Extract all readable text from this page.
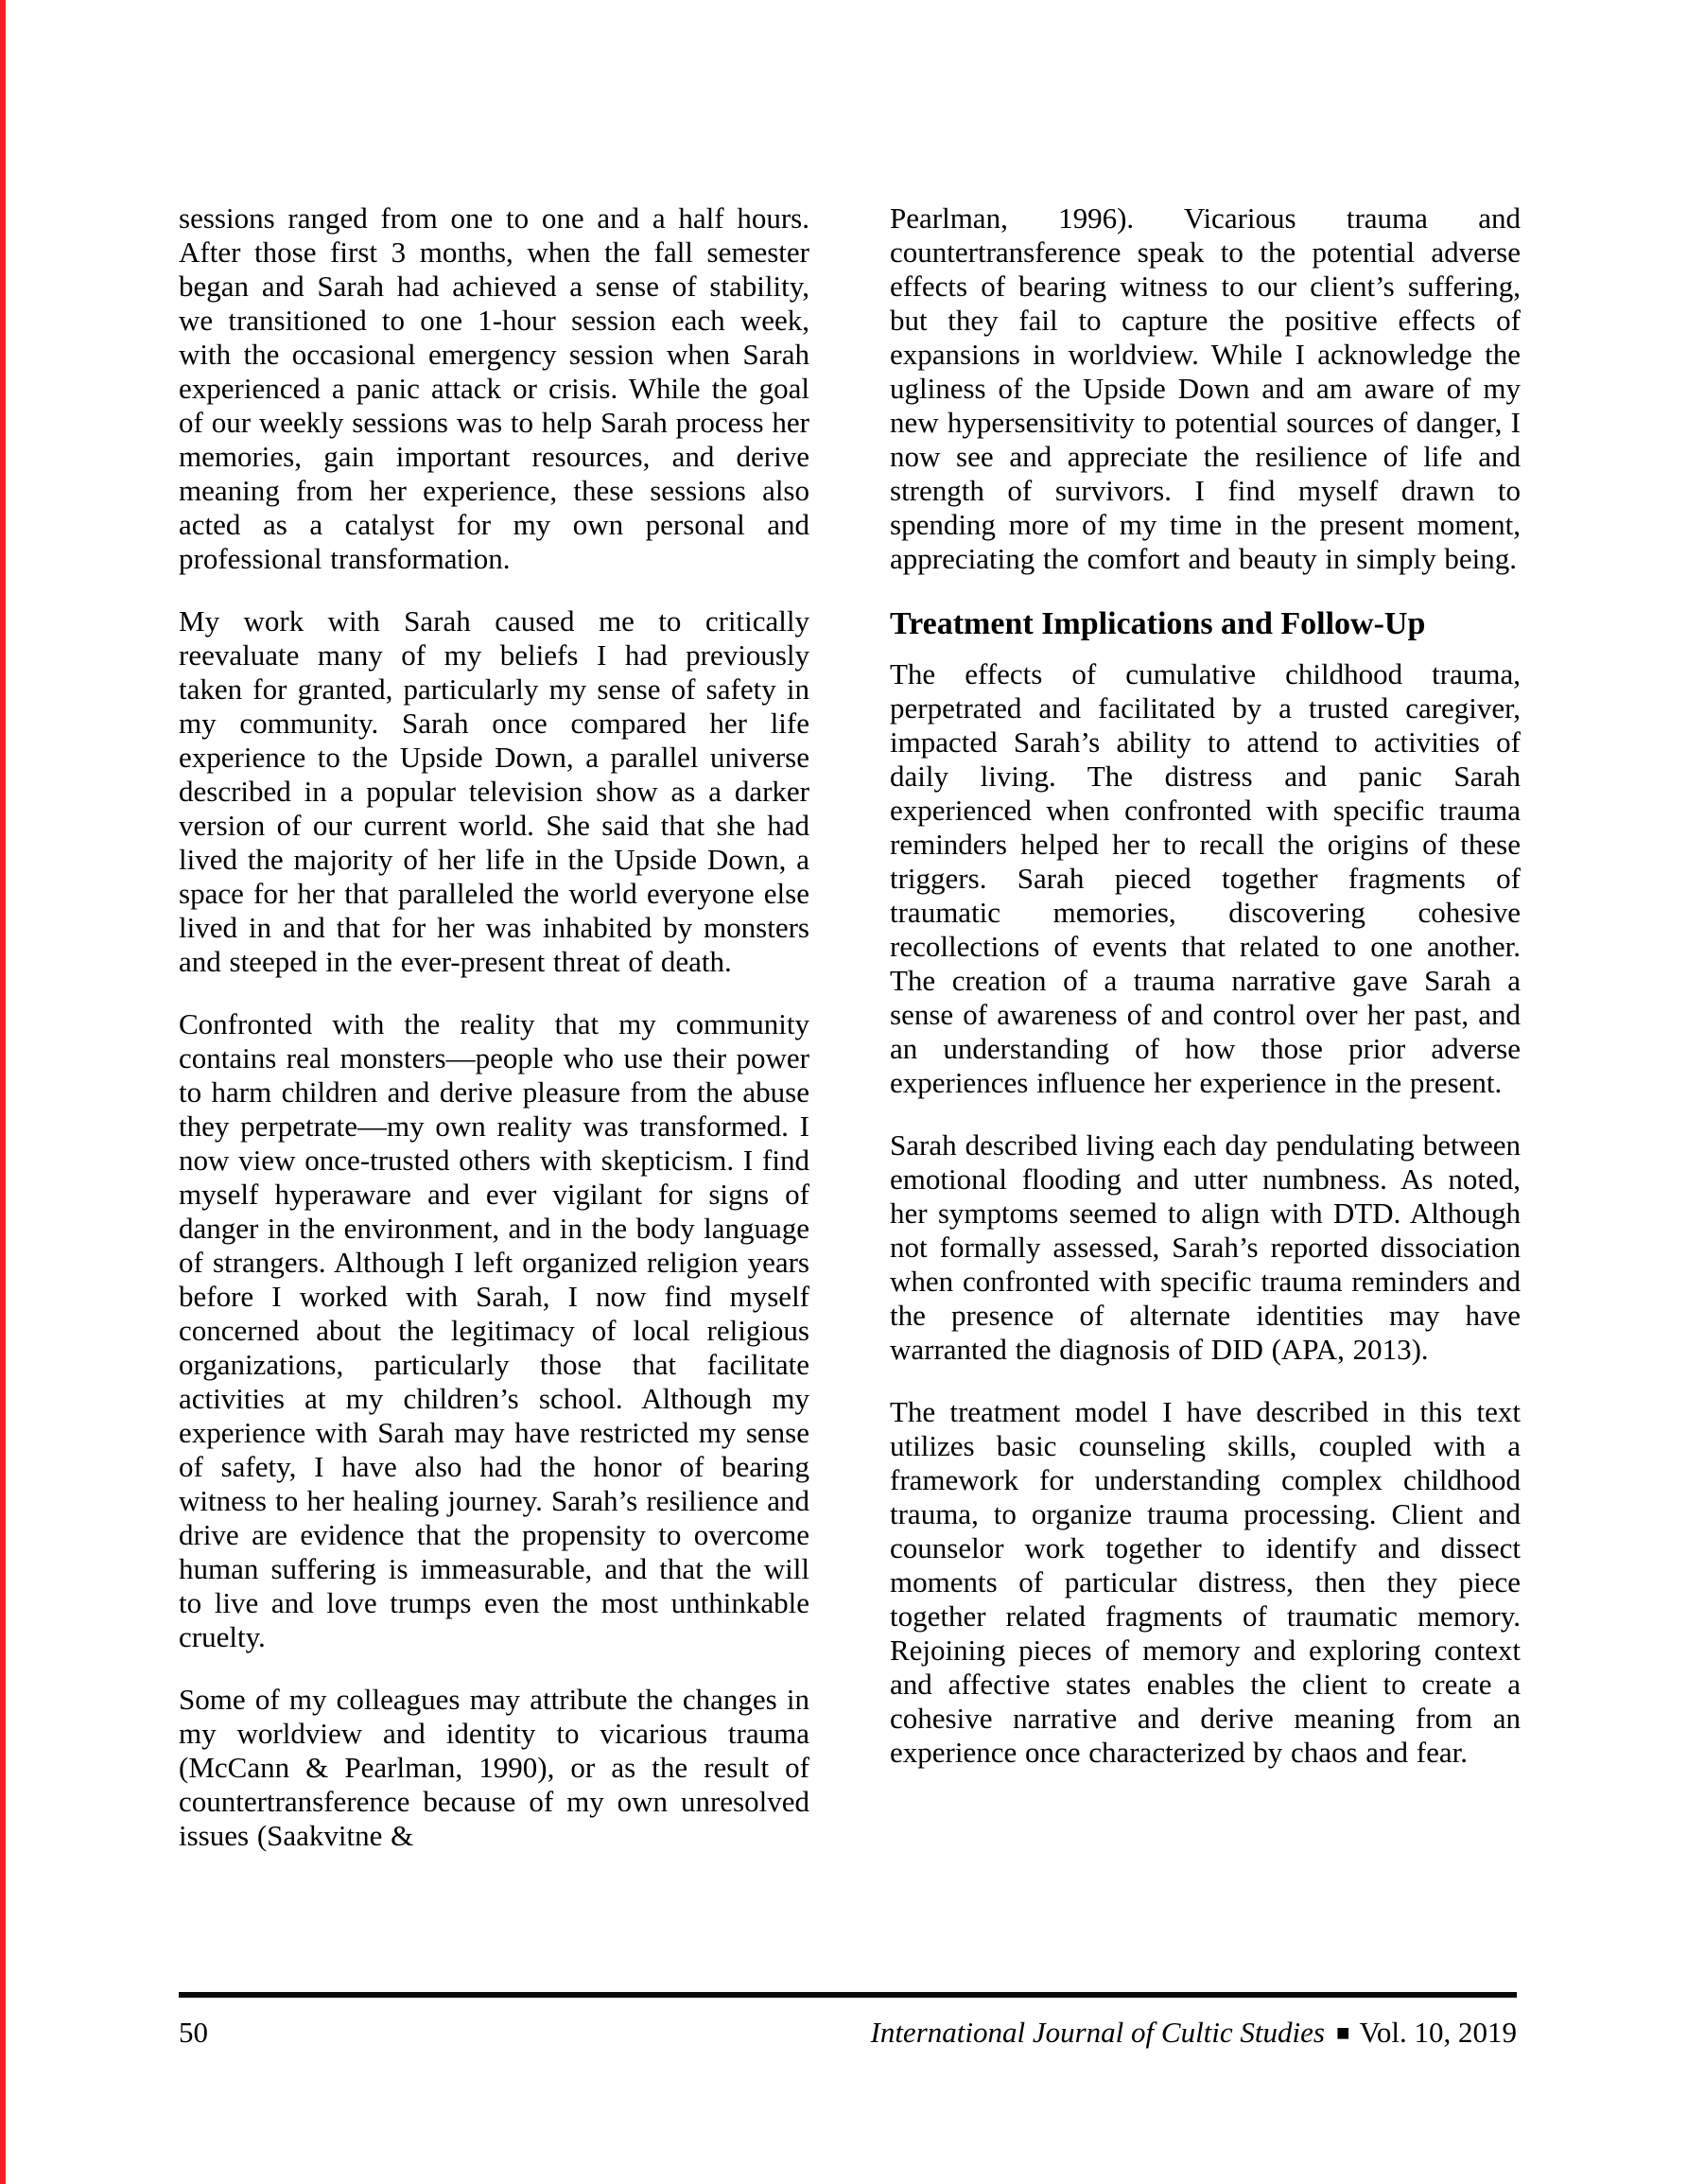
sessions ranged from one to one and a half hours. After those first 3 months, when the fall semester began and Sarah had achieved a sense of stability, we transitioned to one 1-hour session each week, with the occasional emergency session when Sarah experienced a panic attack or crisis. While the goal of our weekly sessions was to help Sarah process her memories, gain important resources, and derive meaning from her experience, these sessions also acted as a catalyst for my own personal and professional transformation.

My work with Sarah caused me to critically reevaluate many of my beliefs I had previously taken for granted, particularly my sense of safety in my community. Sarah once compared her life experience to the Upside Down, a parallel universe described in a popular television show as a darker version of our current world. She said that she had lived the majority of her life in the Upside Down, a space for her that paralleled the world everyone else lived in and that for her was inhabited by monsters and steeped in the ever-present threat of death.

Confronted with the reality that my community contains real monsters—people who use their power to harm children and derive pleasure from the abuse they perpetrate—my own reality was transformed. I now view once-trusted others with skepticism. I find myself hyperaware and ever vigilant for signs of danger in the environment, and in the body language of strangers. Although I left organized religion years before I worked with Sarah, I now find myself concerned about the legitimacy of local religious organizations, particularly those that facilitate activities at my children’s school. Although my experience with Sarah may have restricted my sense of safety, I have also had the honor of bearing witness to her healing journey. Sarah’s resilience and drive are evidence that the propensity to overcome human suffering is immeasurable, and that the will to live and love trumps even the most unthinkable cruelty.

Some of my colleagues may attribute the changes in my worldview and identity to vicarious trauma (McCann & Pearlman, 1990), or as the result of countertransference because of my own unresolved issues (Saakvitne &

Pearlman, 1996). Vicarious trauma and countertransference speak to the potential adverse effects of bearing witness to our client’s suffering, but they fail to capture the positive effects of expansions in worldview. While I acknowledge the ugliness of the Upside Down and am aware of my new hypersensitivity to potential sources of danger, I now see and appreciate the resilience of life and strength of survivors. I find myself drawn to spending more of my time in the present moment, appreciating the comfort and beauty in simply being.

Treatment Implications and Follow-Up

The effects of cumulative childhood trauma, perpetrated and facilitated by a trusted caregiver, impacted Sarah’s ability to attend to activities of daily living. The distress and panic Sarah experienced when confronted with specific trauma reminders helped her to recall the origins of these triggers. Sarah pieced together fragments of traumatic memories, discovering cohesive recollections of events that related to one another. The creation of a trauma narrative gave Sarah a sense of awareness of and control over her past, and an understanding of how those prior adverse experiences influence her experience in the present.

Sarah described living each day pendulating between emotional flooding and utter numbness. As noted, her symptoms seemed to align with DTD. Although not formally assessed, Sarah’s reported dissociation when confronted with specific trauma reminders and the presence of alternate identities may have warranted the diagnosis of DID (APA, 2013).

The treatment model I have described in this text utilizes basic counseling skills, coupled with a framework for understanding complex childhood trauma, to organize trauma processing. Client and counselor work together to identify and dissect moments of particular distress, then they piece together related fragments of traumatic memory. Rejoining pieces of memory and exploring context and affective states enables the client to create a cohesive narrative and derive meaning from an experience once characterized by chaos and fear.

50	International Journal of Cultic Studies ■ Vol. 10, 2019
